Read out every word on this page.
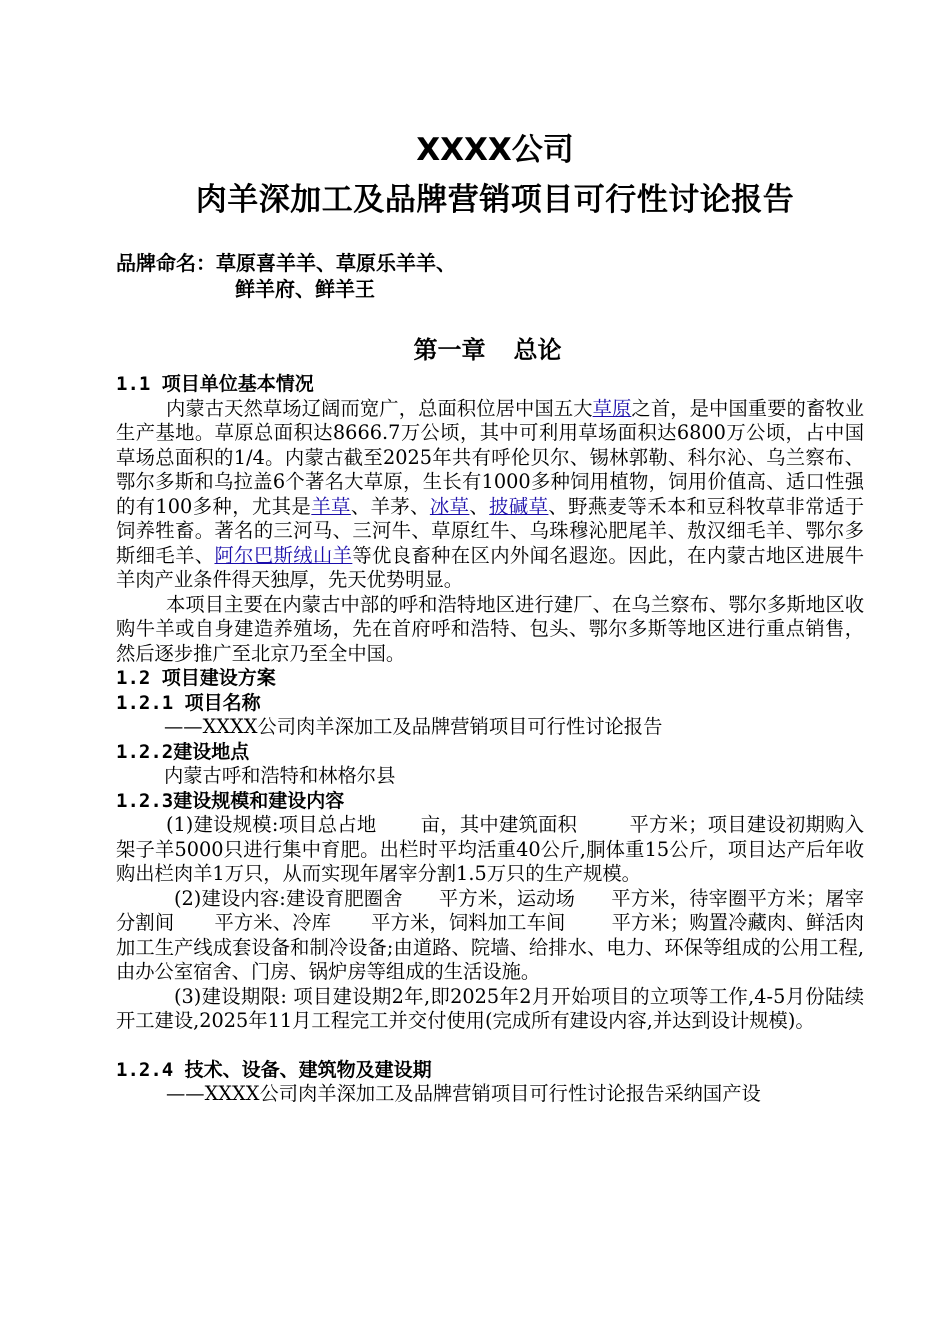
XXXX公司
肉羊深加工及品牌营销项目可行性讨论报告
品牌命名：草原喜羊羊、草原乐羊羊、
鲜羊府、鲜羊王
第一章 总论
1.1 项目单位基本情况

内蒙古天然草场辽阔而宽广，总面积位居中国五大草原之首，是中国重要的畜牧业生产基地。草原总面积达8666.7万公顷，其中可利用草场面积达6800万公顷，占中国草场总面积的1/4。内蒙古截至2025年共有呼伦贝尔、锡林郭勒、科尔沁、乌兰察布、鄂尔多斯和乌拉盖6个著名大草原，生长有1000多种饲用植物，饲用价值高、适口性强的有100多种，尤其是羊草、羊茅、冰草、披碱草、野燕麦等禾本和豆科牧草非常适于饲养牲畜。著名的三河马、三河牛、草原红牛、乌珠穆沁肥尾羊、敖汉细毛羊、鄂尔多斯细毛羊、阿尔巴斯绒山羊等优良畜种在区内外闻名遐迩。因此，在内蒙古地区进展牛羊肉产业条件得天独厚，先天优势明显。

本项目主要在内蒙古中部的呼和浩特地区进行建厂、在乌兰察布、鄂尔多斯地区收购牛羊或自身建造养殖场，先在首府呼和浩特、包头、鄂尔多斯等地区进行重点销售，然后逐步推广至北京乃至全中国。

1.2 项目建设方案
1.2.1 项目名称

——XXXX公司肉羊深加工及品牌营销项目可行性讨论报告

1.2.2建设地点

内蒙古呼和浩特和林格尔县

1.2.3建设规模和建设内容

(1)建设规模:项目总占地 亩，其中建筑面积	平方米；项目建设初期购入架子羊5000只进行集中育肥。出栏时平均活重40公斤,胴体重15公斤，项目达产后年收购出栏肉羊1万只，从而实现年屠宰分割1.5万只的生产规模。

(2)建设内容:建设育肥圈舍 平方米，运动场 平方米，待宰圈平方米；屠宰分割间 平方米、冷库 平方米，饲料加工车间 平方米；购置冷藏肉、鲜活肉加工生产线成套设备和制冷设备;由道路、院墙、给排水、电力、环保等组成的公用工程,由办公室宿舍、门房、锅炉房等组成的生活设施。

(3)建设期限: 项目建设期2年,即2025年2月开始项目的立项等工作,4-5月份陆续开工建设,2025年11月工程完工并交付使用(完成所有建设内容,并达到设计规模)。

1.2.4 技术、设备、建筑物及建设期

——XXXX公司肉羊深加工及品牌营销项目可行性讨论报告采纳国产设
